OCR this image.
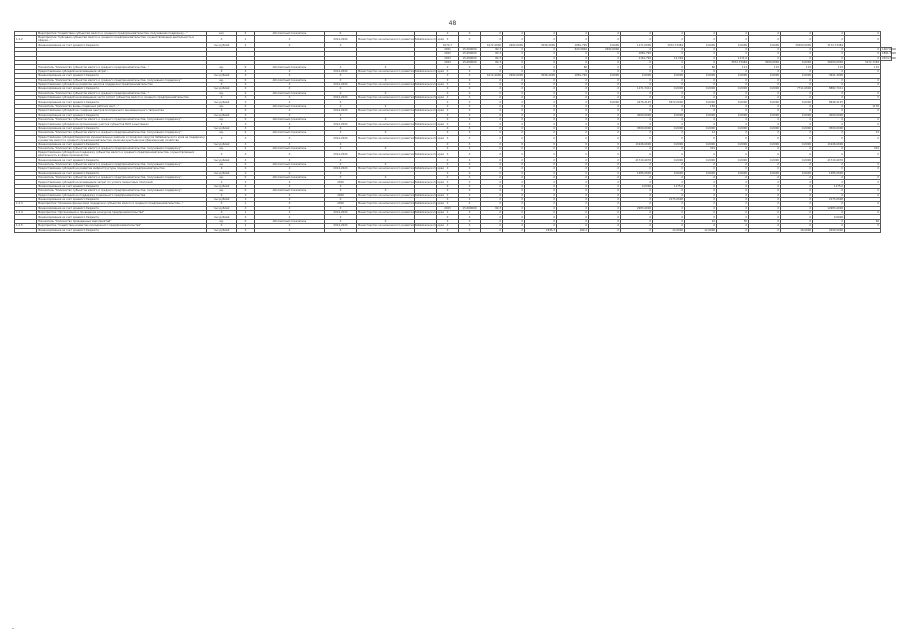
48
	Мероприятие "Содействие субъектам малого и среднего предпринимательства, получившим поддержку..."	чел.	0	Абсолютный показатель	0			Х	Х	Х	Х	Х	Х	Х	Х	Х	Х	Х	Х	Х	Х	Х	
1.2.2	Мероприятие "Субсидии субъектам малого и среднего предпринимательства, осуществляющим деятельность в сферах..."	Х	1	Х	2014-2024	Министерство экономического развития Забайкальского края		Х	Х	Х	Х	Х	Х	Х	Х	Х	Х	Х	Х	Х	Х	Х	
	Финансирование за счет краевого бюджета	тыс.рублей	4	Х	Х			6172,7		6172,4000	2992,0000	3036,2000	1881,790	0,0000	1171,0000	3072,73484	0,0000	0,0000	0,0000	30000,0000	3172,73484		
								2021	15,000000	82,3	Х	Х	622,0000	2992,0000	Х	Х	Х	Х	Х	Х	Х	Х	1467,0000
								2022	15,000000	82,3	Х	Х	Х	Х	1881,790	Х	Х	Х	Х	Х	Х	Х	1881,7900
								2023	15,000000	82,3	Х	Х	Х	Х	1161,790	12,394	Х	1171,0	Х	Х	Х	Х	2324,7900
								2024	15,000000	82,3	Х	Х	Х	Х	Х	Х	Х	3072,73484	3000,0000	0,0000	30000,0000	3172,7348	
	Показатель "Количество субъектов малого и среднего предпринимательства..."	ед.	0	Абсолютный показатель	Х	Х		Х	Х	Х	Х	Х	80	Х	Х	Х	80	111	115	115	115	115	
	Предоставление субсидий на возмещение затрат...	Х	Х	Х	2014-2024	Министерство экономического развития Забайкальского края		Х	Х	Х	Х	Х	Х	Х	Х	Х	Х	Х	Х	Х	Х	Х	
	Финансирование за счет краевого бюджета	тыс.рублей	Х	Х	Х			Х	Х	6172,4000	2992,0000	3036,2000	1881,790	0,0000	0,0000	0,0000	0,0000	0,0000	0,0000	0,0000	3941,3900		
	Показатель "Количество субъектов малого и среднего предпринимательства, получивших поддержку"	ед.	0	Абсолютный показатель	Х	Х		Х	Х	Х	Х	Х	Х	Х	Х	Х	Х	Х	Х	Х	Х	Х	
	Предоставление субсидий на развитие центров поддержки предпринимательства	Х	Х	Х	2014-2024	Министерство экономического развития Забайкальского края		Х	Х	Х	Х	Х	Х	Х	Х	Х	Х	Х	Х	Х	Х	Х	
	Финансирование за счет краевого бюджета	тыс.рублей	Х	Х	Х			Х	Х	Х	Х	Х	Х	Х	1171,7411	0,0000	0,0000	0,0000	0,0000	7711,0000	8882,7411		
	Показатель "Количество субъектов малого и среднего предпринимательства..."	ед.	0	Абсолютный показатель	Х	Х		Х	Х	Х	Х	Х	Х	Х	Х	Х	Х	Х	Х	Х	Х	Х	
	Предоставление субсидий на возмещение части затрат субъектов малого и среднего предпринимательства	Х	Х	Х	2014-2024	Министерство экономического развития Забайкальского края		Х	Х	Х	Х	Х	Х	Х	Х	Х	Х	Х	Х	Х	Х	Х	
	Финансирование за счет краевого бюджета	тыс.рублей	Х	Х	Х			Х	Х	Х	Х	Х	Х	0,0000	2976,4125	5672,0000	0,0000	0,0000	0,0000	0,0000	8648,4125		
	Показатель "Количество вновь созданных рабочих мест..."	ед.	0	Абсолютный показатель	Х	Х		Х	Х	Х	Х	Х	Х	Х	Х	Х	156	Х	Х	Х	Х	1176	
	Предоставление субсидий на создание центров молодежного инновационного творчества	Х	Х	Х	2014-2024	Министерство экономического развития Забайкальского края		Х	Х	Х	Х	Х	Х	Х	Х	Х	Х	Х	Х	Х	Х	Х	
	Финансирование за счет краевого бюджета	тыс.рублей	Х	Х	Х			Х	Х	Х	Х	Х	Х	Х	4000,0000	0,0000	0,0000	0,0000	0,0000	0,0000	4000,0000		
	Показатель "Количество субъектов малого и среднего предпринимательства, получивших поддержку"	ед.	0	Абсолютный показатель	Х	Х		Х	Х	Х	Х	Х	Х	Х	Х	Х	Х	Х	Х	Х	Х	Х	
	Предоставление субсидий на организацию участия субъектов МСП в выставках	Х	Х	Х	2014-2024	Министерство экономического развития Забайкальского края		Х	Х	Х	Х	Х	Х	Х	Х	Х	Х	Х	Х	Х	Х	Х	
	Финансирование за счет краевого бюджета	тыс.рублей	Х	Х	Х			Х	Х	Х	Х	Х	Х	Х	9500,0000	0,0000	0,0000	0,0000	0,0000	0,0000	9500,0000		
	Показатель "Количество субъектов малого и среднего предпринимательства, получивших поддержку"	ед.	0	Абсолютный показатель	Х	Х		Х	Х	Х	Х	Х	Х	Х	Х	Х	12	Х	Х	Х	Х	12	
	Предоставление субсидий бюджетам муниципальных районов и городских округов Забайкальского края на поддержку и развитие малого и среднего предпринимательства, включая крестьянские (фермерские) хозяйства	Х	Х	Х	2014-2024	Министерство экономического развития Забайкальского края		Х	Х	Х	Х	Х	Х	Х	Х	Х	Х	Х	Х	Х	Х	Х	
	Финансирование за счет краевого бюджета	тыс.рублей	Х	Х	Х			Х	Х	Х	Х	Х	Х	Х	11946,0000	0,0000	0,0000	0,0000	0,0000	0,0000	11946,0000		
	Показатель "Количество субъектов малого и среднего предпринимательства, получивших поддержку"	ед.	0	Абсолютный показатель	Х	Х		Х	Х	Х	Х	Х	Х	Х	Х	Х	301	Х	Х	Х	Х	301	
	Предоставление субсидий на поддержку субъектов малого и среднего предпринимательства, осуществляющих деятельность в сфере производства	Х	Х	Х	2014-2024	Министерство экономического развития Забайкальского края		Х	Х	Х	Х	Х	Х	Х	Х	Х	Х	Х	Х	Х	Х	Х	
	Финансирование за счет краевого бюджета	тыс.рублей	Х	Х	Х			Х	Х	Х	Х	Х	Х	Х	21710,4076	0,0000	0,0000	0,0000	0,0000	0,0000	21710,4076		
	Показатель "Количество субъектов малого и среднего предпринимательства, получивших поддержку"	ед.	0	Абсолютный показатель	Х	Х		Х	Х	Х	Х	Х	Х	Х	Х	Х	Х	Х	Х	Х	Х	Х	
	Предоставление субсидий на развитие инфраструктуры поддержки предпринимательства	Х	Х	Х	2014-2024	Министерство экономического развития Забайкальского края		Х	Х	Х	Х	Х	Х	Х	Х	Х	Х	Х	Х	Х	Х	Х	
	Финансирование за счет краевого бюджета	тыс.рублей	Х	Х	Х			Х	Х	Х	Х	Х	Х	Х	1385,0000	0,0000	0,0000	0,0000	0,0000	0,0000	1385,0000		
	Показатель "Количество субъектов малого и среднего предпринимательства, получивших поддержку"	ед.	0	Абсолютный показатель	Х	Х		Х	Х	Х	Х	Х	Х	Х	Х	Х	Х	Х	Х	Х	Х	Х	
	Предоставление субсидий на возмещение затрат по уплате лизинговых платежей	Х	Х	Х	2020	Министерство экономического развития Забайкальского края		Х	Х	Х	Х	Х	Х	Х	Х	Х	Х	Х	Х	Х	Х	Х	
	Финансирование за счет краевого бюджета	тыс.рублей	Х	Х	Х			Х	Х	Х	Х	Х	Х	Х	0,0000	1175,0	Х	Х	Х	Х	1175,0		
	Показатель "Количество субъектов малого и среднего предпринимательства, получивших поддержку"	ед.	0	Абсолютный показатель	Х	Х		Х	Х	Х	Х	Х	Х	Х	Х	Х	Х	Х	Х	Х	Х	Х	
	Предоставление субсидий на поддержку социального предпринимательства	Х	Х	Х	2020	Министерство экономического развития Забайкальского края		Х	Х	Х	Х	Х	Х	Х	Х	Х	Х	Х	Х	Х	Х	Х	
	Финансирование за счет краевого бюджета	тыс.рублей	Х	Х	Х			Х	Х	Х	Х	Х	Х	Х	Х	2175,0000	Х	Х	Х	Х	2175,0000		
1.2.3	Мероприятие "Оказание финансовой поддержки субъектам малого и среднего предпринимательства..."	Х	1	Х	2020	Министерство экономического развития Забайкальского края		Х	Х	Х	Х	Х	Х	Х	Х	Х	Х	Х	Х	Х	Х	Х	
	Финансирование за счет краевого бюджета	тыс.рублей	Х	Х	Х			2023	15,000000	82,3	Х	Х	Х	Х	2983,4000	Х	Х	Х	Х	Х	12983,4000		
1.2.4	Мероприятие "Организация и проведение конкурсов предпринимательства"	Х	1	Х	2014-2024	Министерство экономического развития Забайкальского края		Х	Х	Х	Х	Х	Х	Х	Х	Х	Х	Х	Х	Х	Х	Х	
	Финансирование за счет краевого бюджета	тыс.рублей	Х	Х	Х			Х	Х	Х	Х	Х	Х	Х	Х	Х	Х	Х	Х	Х	0,0000		
	Показатель "Количество проведенных мероприятий"	ед.	0	Абсолютный показатель	Х	Х		Х	Х	Х	Х	Х	Х	Х	Х	Х	10	30	Х	Х	Х	60	
1.2.5	Мероприятие "Содействие развитию молодежного предпринимательства"	Х	1	Х	2014-2024	Министерство экономического развития Забайкальского края		Х	Х	Х	Х	Х	Х	Х	Х	Х	Х	Х	Х	Х	Х	Х	
	Финансирование за счет краевого бюджета	тыс.рублей	Х	Х	Х			Х	Х	Х	Х	1845,3	162,2	Х	Х	14,0000	12,0000	Х	Х	16,0000	2049,5000		
-
